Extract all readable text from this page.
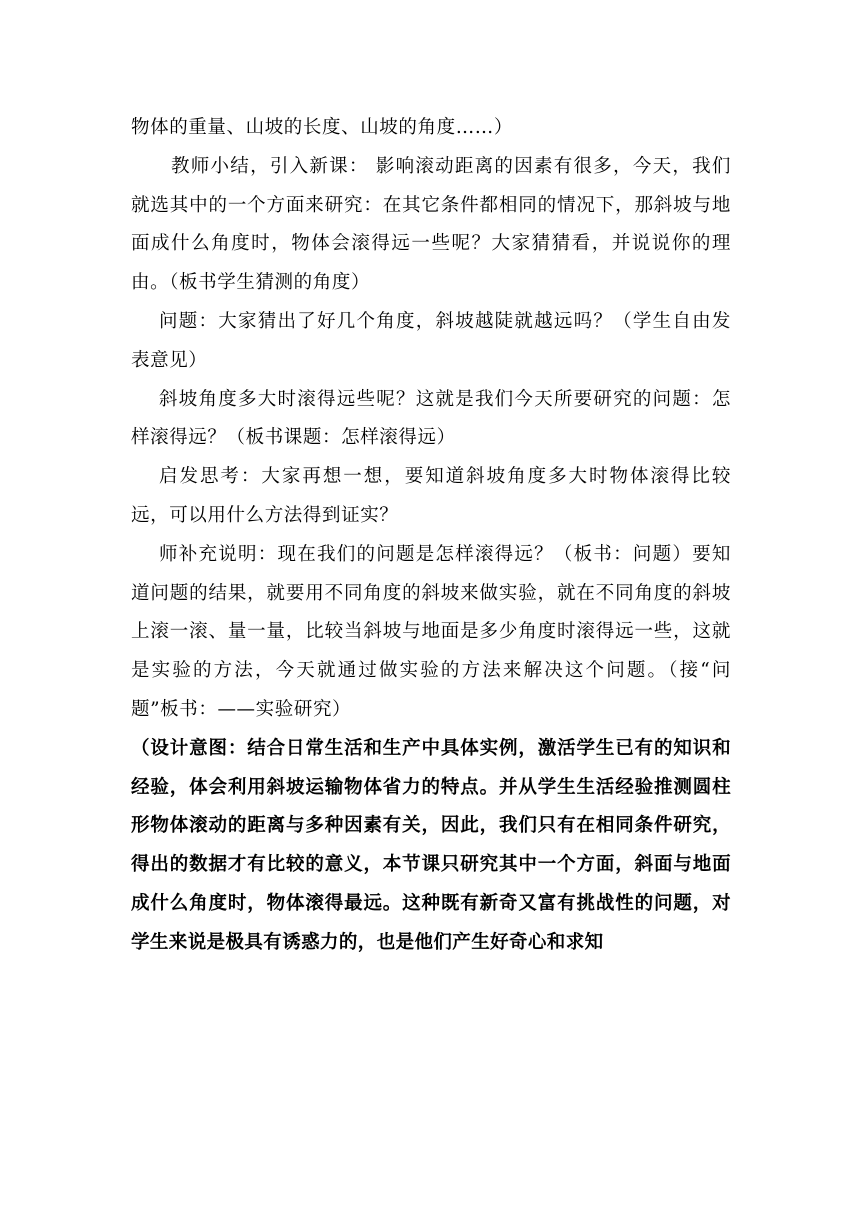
物体的重量、山坡的长度、山坡的角度……）

教师小结，引入新课： 影响滚动距离的因素有很多，今天，我们就选其中的一个方面来研究：在其它条件都相同的情况下，那斜坡与地面成什么角度时，物体会滚得远一些呢？大家猜猜看，并说说你的理由。（板书学生猜测的角度）

问题：大家猜出了好几个角度，斜坡越陡就越远吗？（学生自由发表意见）

斜坡角度多大时滚得远些呢？这就是我们今天所要研究的问题：怎样滚得远？（板书课题：怎样滚得远）

启发思考：大家再想一想，要知道斜坡角度多大时物体滚得比较远，可以用什么方法得到证实？

师补充说明：现在我们的问题是怎样滚得远？（板书：问题）要知道问题的结果，就要用不同角度的斜坡来做实验，就在不同角度的斜坡上滚一滚、量一量，比较当斜坡与地面是多少角度时滚得远一些，这就是实验的方法，今天就通过做实验的方法来解决这个问题。（接“问题”板书：——实验研究）

（设计意图：结合日常生活和生产中具体实例，激活学生已有的知识和经验，体会利用斜坡运输物体省力的特点。并从学生生活经验推测圆柱形物体滚动的距离与多种因素有关，因此，我们只有在相同条件研究，得出的数据才有比较的意义，本节课只研究其中一个方面，斜面与地面成什么角度时，物体滚得最远。这种既有新奇又富有挑战性的问题，对学生来说是极具有诱惑力的，也是他们产生好奇心和求知
